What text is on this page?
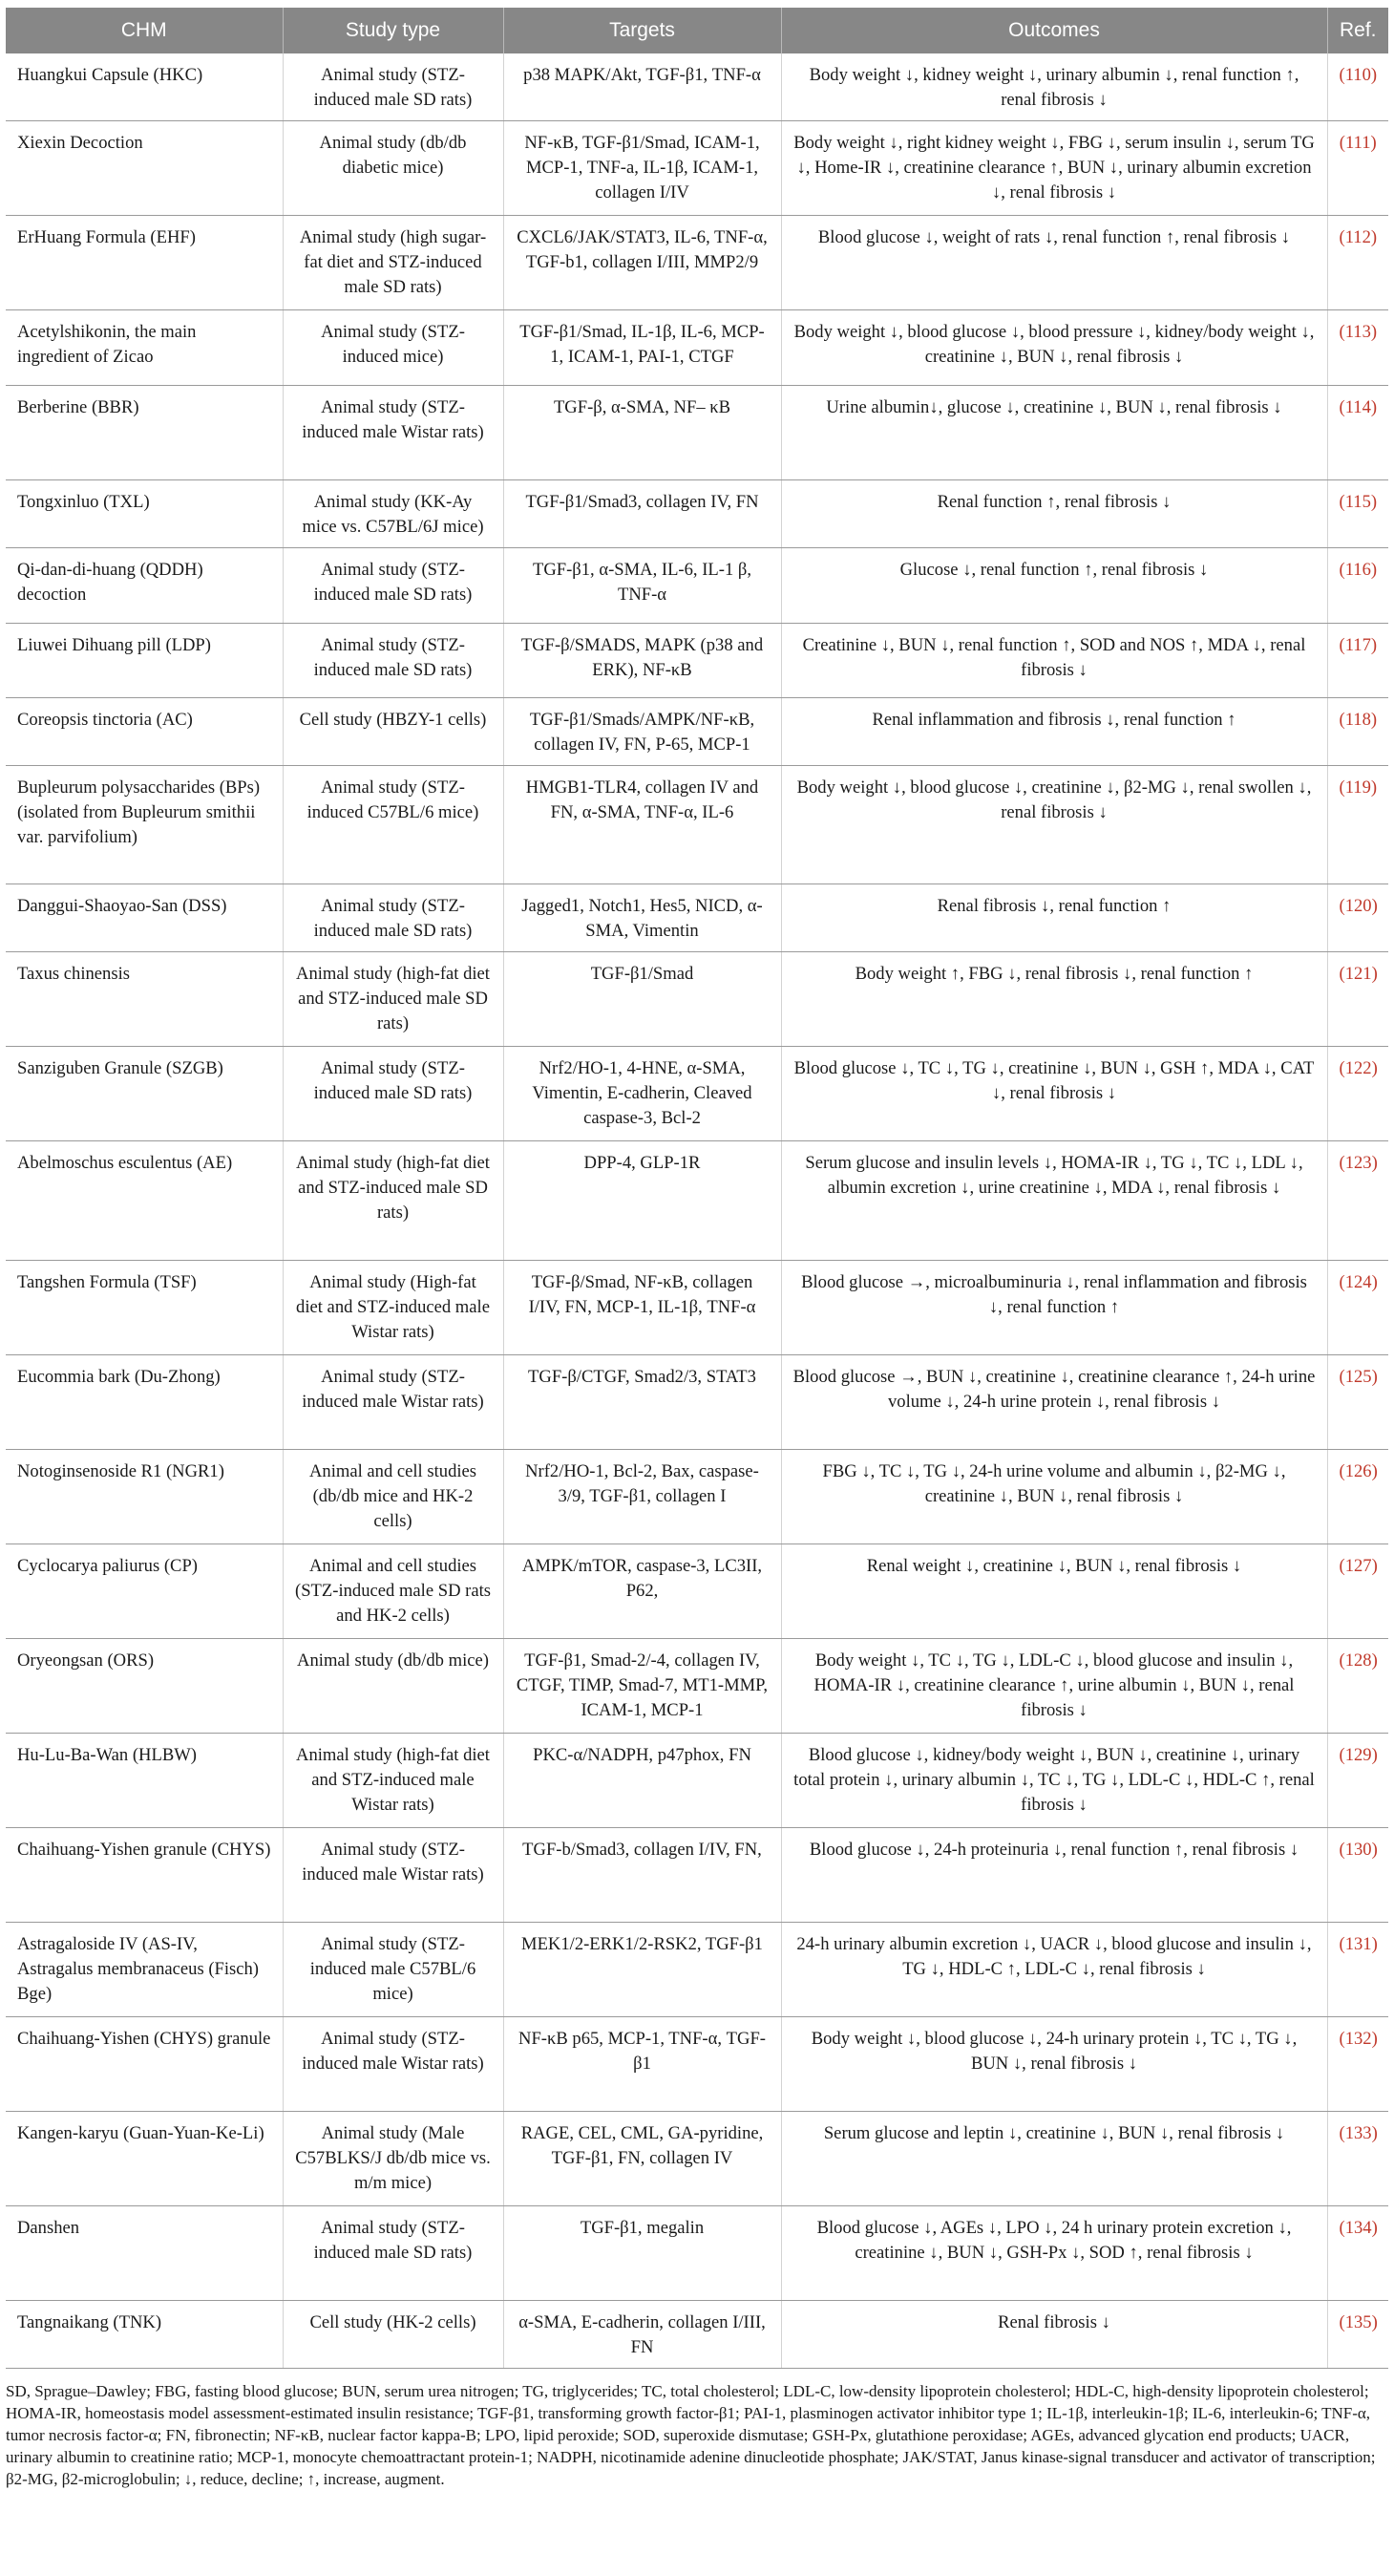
CHM	Study type	Targets	Outcomes	Ref.
Huangkui Capsule (HKC)	Animal study (STZ-induced male SD rats)	p38 MAPK/Akt, TGF-β1, TNF-α	Body weight ↓, kidney weight ↓, urinary albumin ↓, renal function ↑, renal fibrosis ↓	(110)
Xiexin Decoction	Animal study (db/db diabetic mice)	NF-κB, TGF-β1/Smad, ICAM-1, MCP-1, TNF-a, IL-1β, ICAM-1, collagen I/IV	Body weight ↓, right kidney weight ↓, FBG ↓, serum insulin ↓, serum TG ↓, Home-IR ↓, creatinine clearance ↑, BUN ↓, urinary albumin excretion ↓, renal fibrosis ↓	(111)
ErHuang Formula (EHF)	Animal study (high sugar-fat diet and STZ-induced male SD rats)	CXCL6/JAK/STAT3, IL-6, TNF-α, TGF-b1, collagen I/III, MMP2/9	Blood glucose ↓, weight of rats ↓, renal function ↑, renal fibrosis ↓	(112)
Acetylshikonin, the main ingredient of Zicao	Animal study (STZ-induced mice)	TGF-β1/Smad, IL-1β, IL-6, MCP-1, ICAM-1, PAI-1, CTGF	Body weight ↓, blood glucose ↓, blood pressure ↓, kidney/body weight ↓, creatinine ↓, BUN ↓, renal fibrosis ↓	(113)
Berberine (BBR)	Animal study (STZ-induced male Wistar rats)	TGF-β, α-SMA, NF– κB	Urine albumin↓, glucose ↓, creatinine ↓, BUN ↓, renal fibrosis ↓	(114)
Tongxinluo (TXL)	Animal study (KK-Ay mice vs. C57BL/6J mice)	TGF-β1/Smad3, collagen IV, FN	Renal function ↑, renal fibrosis ↓	(115)
Qi-dan-di-huang (QDDH) decoction	Animal study (STZ-induced male SD rats)	TGF-β1, α-SMA, IL-6, IL-1 β, TNF-α	Glucose ↓, renal function ↑, renal fibrosis ↓	(116)
Liuwei Dihuang pill (LDP)	Animal study (STZ-induced male SD rats)	TGF-β/SMADS, MAPK (p38 and ERK), NF-κB	Creatinine ↓, BUN ↓, renal function ↑, SOD and NOS ↑, MDA ↓, renal fibrosis ↓	(117)
Coreopsis tinctoria (AC)	Cell study (HBZY-1 cells)	TGF-β1/Smads/AMPK/NF-κB, collagen IV, FN, P-65, MCP-1	Renal inflammation and fibrosis ↓, renal function ↑	(118)
Bupleurum polysaccharides (BPs) (isolated from Bupleurum smithii var. parvifolium)	Animal study (STZ-induced C57BL/6 mice)	HMGB1-TLR4, collagen IV and FN, α-SMA, TNF-α, IL-6	Body weight ↓, blood glucose ↓, creatinine ↓, β2-MG ↓, renal swollen ↓, renal fibrosis ↓	(119)
Danggui-Shaoyao-San (DSS)	Animal study (STZ-induced male SD rats)	Jagged1, Notch1, Hes5, NICD, α-SMA, Vimentin	Renal fibrosis ↓, renal function ↑	(120)
Taxus chinensis	Animal study (high-fat diet and STZ-induced male SD rats)	TGF-β1/Smad	Body weight ↑, FBG ↓, renal fibrosis ↓, renal function ↑	(121)
Sanziguben Granule (SZGB)	Animal study (STZ-induced male SD rats)	Nrf2/HO-1, 4-HNE, α-SMA, Vimentin, E-cadherin, Cleaved caspase-3, Bcl-2	Blood glucose ↓, TC ↓, TG ↓, creatinine ↓, BUN ↓, GSH ↑, MDA ↓, CAT ↓, renal fibrosis ↓	(122)
Abelmoschus esculentus (AE)	Animal study (high-fat diet and STZ-induced male SD rats)	DPP-4, GLP-1R	Serum glucose and insulin levels ↓, HOMA-IR ↓, TG ↓, TC ↓, LDL ↓, albumin excretion ↓, urine creatinine ↓, MDA ↓, renal fibrosis ↓	(123)
Tangshen Formula (TSF)	Animal study (High-fat diet and STZ-induced male Wistar rats)	TGF-β/Smad, NF-κB, collagen I/IV, FN, MCP-1, IL-1β, TNF-α	Blood glucose →, microalbuminuria ↓, renal inflammation and fibrosis ↓, renal function ↑	(124)
Eucommia bark (Du-Zhong)	Animal study (STZ-induced male Wistar rats)	TGF-β/CTGF, Smad2/3, STAT3	Blood glucose →, BUN ↓, creatinine ↓, creatinine clearance ↑, 24-h urine volume ↓, 24-h urine protein ↓, renal fibrosis ↓	(125)
Notoginsenoside R1 (NGR1)	Animal and cell studies (db/db mice and HK-2 cells)	Nrf2/HO-1, Bcl-2, Bax, caspase-3/9, TGF-β1, collagen I	FBG ↓, TC ↓, TG ↓, 24-h urine volume and albumin ↓, β2-MG ↓, creatinine ↓, BUN ↓, renal fibrosis ↓	(126)
Cyclocarya paliurus (CP)	Animal and cell studies (STZ-induced male SD rats and HK-2 cells)	AMPK/mTOR, caspase-3, LC3II, P62,	Renal weight ↓, creatinine ↓, BUN ↓, renal fibrosis ↓	(127)
Oryeongsan (ORS)	Animal study (db/db mice)	TGF-β1, Smad-2/-4, collagen IV, CTGF, TIMP, Smad-7, MT1-MMP, ICAM-1, MCP-1	Body weight ↓, TC ↓, TG ↓, LDL-C ↓, blood glucose and insulin ↓, HOMA-IR ↓, creatinine clearance ↑, urine albumin ↓, BUN ↓, renal fibrosis ↓	(128)
Hu-Lu-Ba-Wan (HLBW)	Animal study (high-fat diet and STZ-induced male Wistar rats)	PKC-α/NADPH, p47phox, FN	Blood glucose ↓, kidney/body weight ↓, BUN ↓, creatinine ↓, urinary total protein ↓, urinary albumin ↓, TC ↓, TG ↓, LDL-C ↓, HDL-C ↑, renal fibrosis ↓	(129)
Chaihuang-Yishen granule (CHYS)	Animal study (STZ-induced male Wistar rats)	TGF-b/Smad3, collagen I/IV, FN,	Blood glucose ↓, 24-h proteinuria ↓, renal function ↑, renal fibrosis ↓	(130)
Astragaloside IV (AS-IV, Astragalus membranaceus (Fisch) Bge)	Animal study (STZ-induced male C57BL/6 mice)	MEK1/2-ERK1/2-RSK2, TGF-β1	24-h urinary albumin excretion ↓, UACR ↓, blood glucose and insulin ↓, TG ↓, HDL-C ↑, LDL-C ↓, renal fibrosis ↓	(131)
Chaihuang-Yishen (CHYS) granule	Animal study (STZ-induced male Wistar rats)	NF-κB p65, MCP-1, TNF-α, TGF-β1	Body weight ↓, blood glucose ↓, 24-h urinary protein ↓, TC ↓, TG ↓, BUN ↓, renal fibrosis ↓	(132)
Kangen-karyu (Guan-Yuan-Ke-Li)	Animal study (Male C57BLKS/J db/db mice vs. m/m mice)	RAGE, CEL, CML, GA-pyridine, TGF-β1, FN, collagen IV	Serum glucose and leptin ↓, creatinine ↓, BUN ↓, renal fibrosis ↓	(133)
Danshen	Animal study (STZ-induced male SD rats)	TGF-β1, megalin	Blood glucose ↓, AGEs ↓, LPO ↓, 24 h urinary protein excretion ↓, creatinine ↓, BUN ↓, GSH-Px ↓, SOD ↑, renal fibrosis ↓	(134)
Tangnaikang (TNK)	Cell study (HK-2 cells)	α-SMA, E-cadherin, collagen I/III, FN	Renal fibrosis ↓	(135)
SD, Sprague–Dawley; FBG, fasting blood glucose; BUN, serum urea nitrogen; TG, triglycerides; TC, total cholesterol; LDL-C, low-density lipoprotein cholesterol; HDL-C, high-density lipoprotein cholesterol; HOMA-IR, homeostasis model assessment-estimated insulin resistance; TGF-β1, transforming growth factor-β1; PAI-1, plasminogen activator inhibitor type 1; IL-1β, interleukin-1β; IL-6, interleukin-6; TNF-α, tumor necrosis factor-α; FN, fibronectin; NF-κB, nuclear factor kappa-B; LPO, lipid peroxide; SOD, superoxide dismutase; GSH-Px, glutathione peroxidase; AGEs, advanced glycation end products; UACR, urinary albumin to creatinine ratio; MCP-1, monocyte chemoattractant protein-1; NADPH, nicotinamide adenine dinucleotide phosphate; JAK/STAT, Janus kinase-signal transducer and activator of transcription; β2-MG, β2-microglobulin; ↓, reduce, decline; ↑, increase, augment.
